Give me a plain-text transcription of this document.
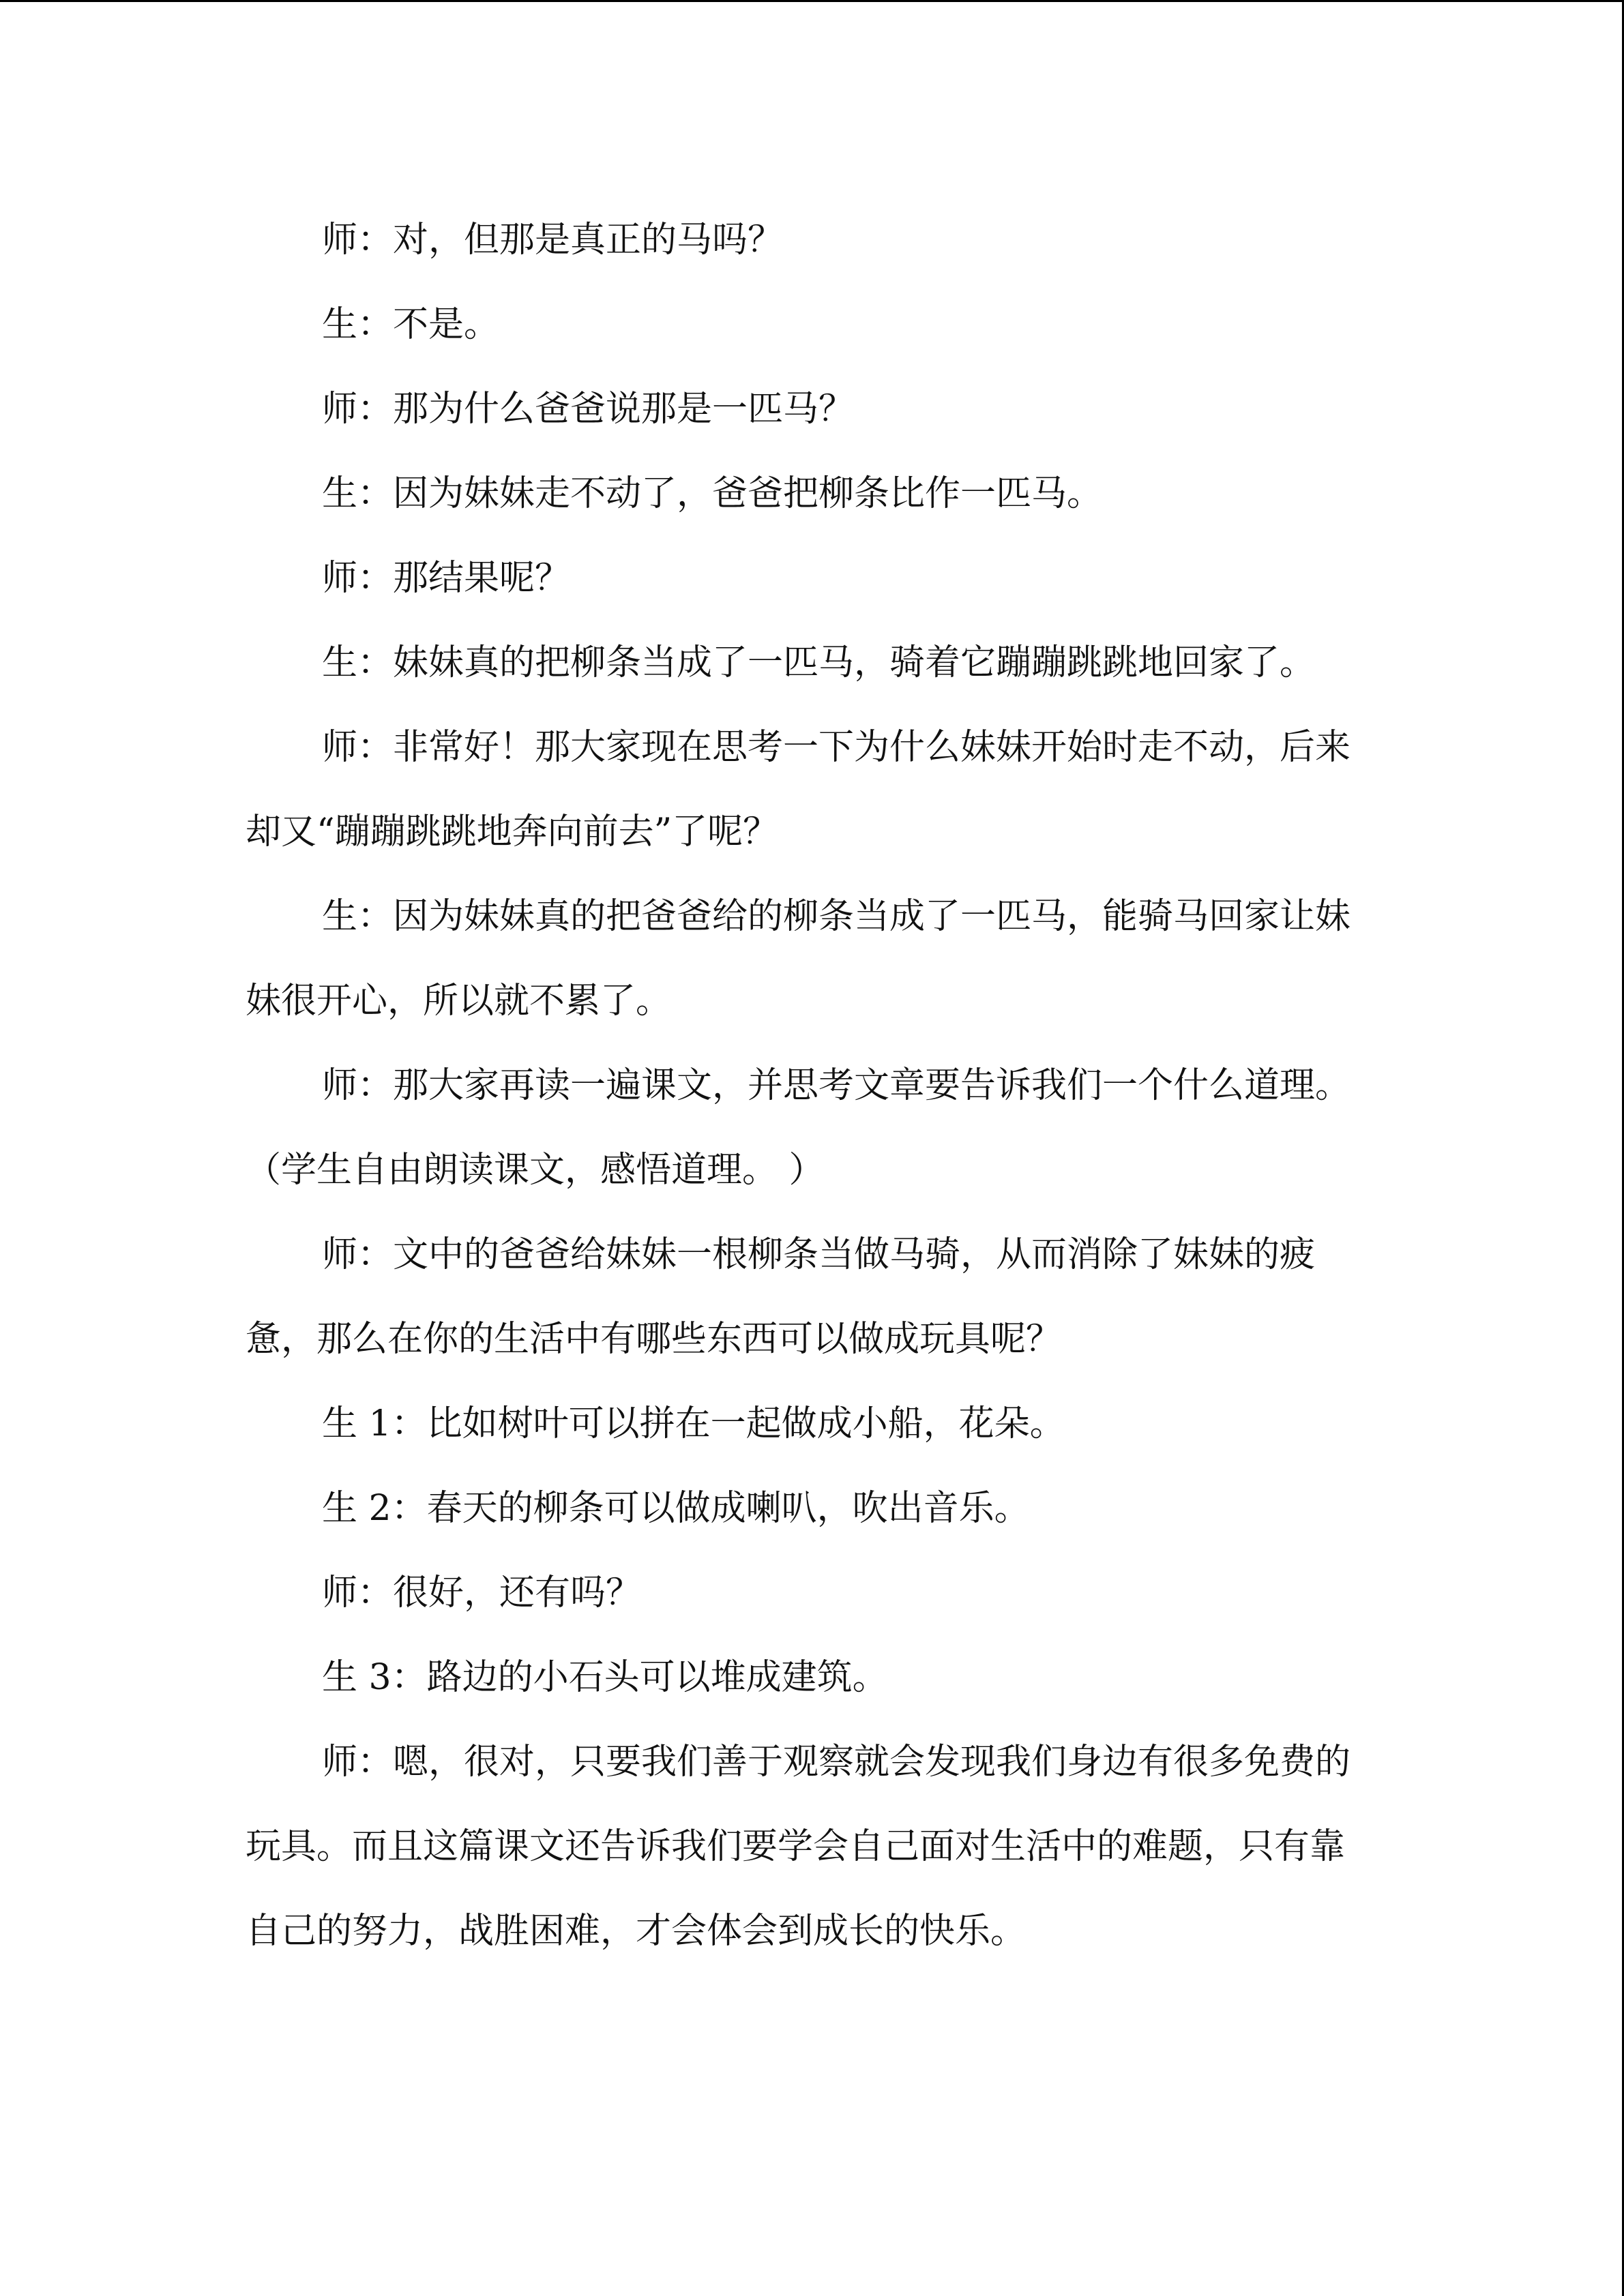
师：对，但那是真正的马吗？

生：不是。

师：那为什么爸爸说那是一匹马？

生：因为妹妹走不动了，爸爸把柳条比作一匹马。

师：那结果呢？

生：妹妹真的把柳条当成了一匹马，骑着它蹦蹦跳跳地回家了。

师：非常好！那大家现在思考一下为什么妹妹开始时走不动，后来却又“蹦蹦跳跳地奔向前去”了呢？

生：因为妹妹真的把爸爸给的柳条当成了一匹马，能骑马回家让妹妹很开心，所以就不累了。

师：那大家再读一遍课文，并思考文章要告诉我们一个什么道理。（学生自由朗读课文，感悟道理。 ）

师：文中的爸爸给妹妹一根柳条当做马骑，从而消除了妹妹的疲惫，那么在你的生活中有哪些东西可以做成玩具呢？

生 1：比如树叶可以拼在一起做成小船，花朵。

生 2：春天的柳条可以做成喇叭，吹出音乐。

师：很好，还有吗？

生 3：路边的小石头可以堆成建筑。

师：嗯，很对，只要我们善于观察就会发现我们身边有很多免费的玩具。而且这篇课文还告诉我们要学会自己面对生活中的难题，只有靠自己的努力，战胜困难，才会体会到成长的快乐。
